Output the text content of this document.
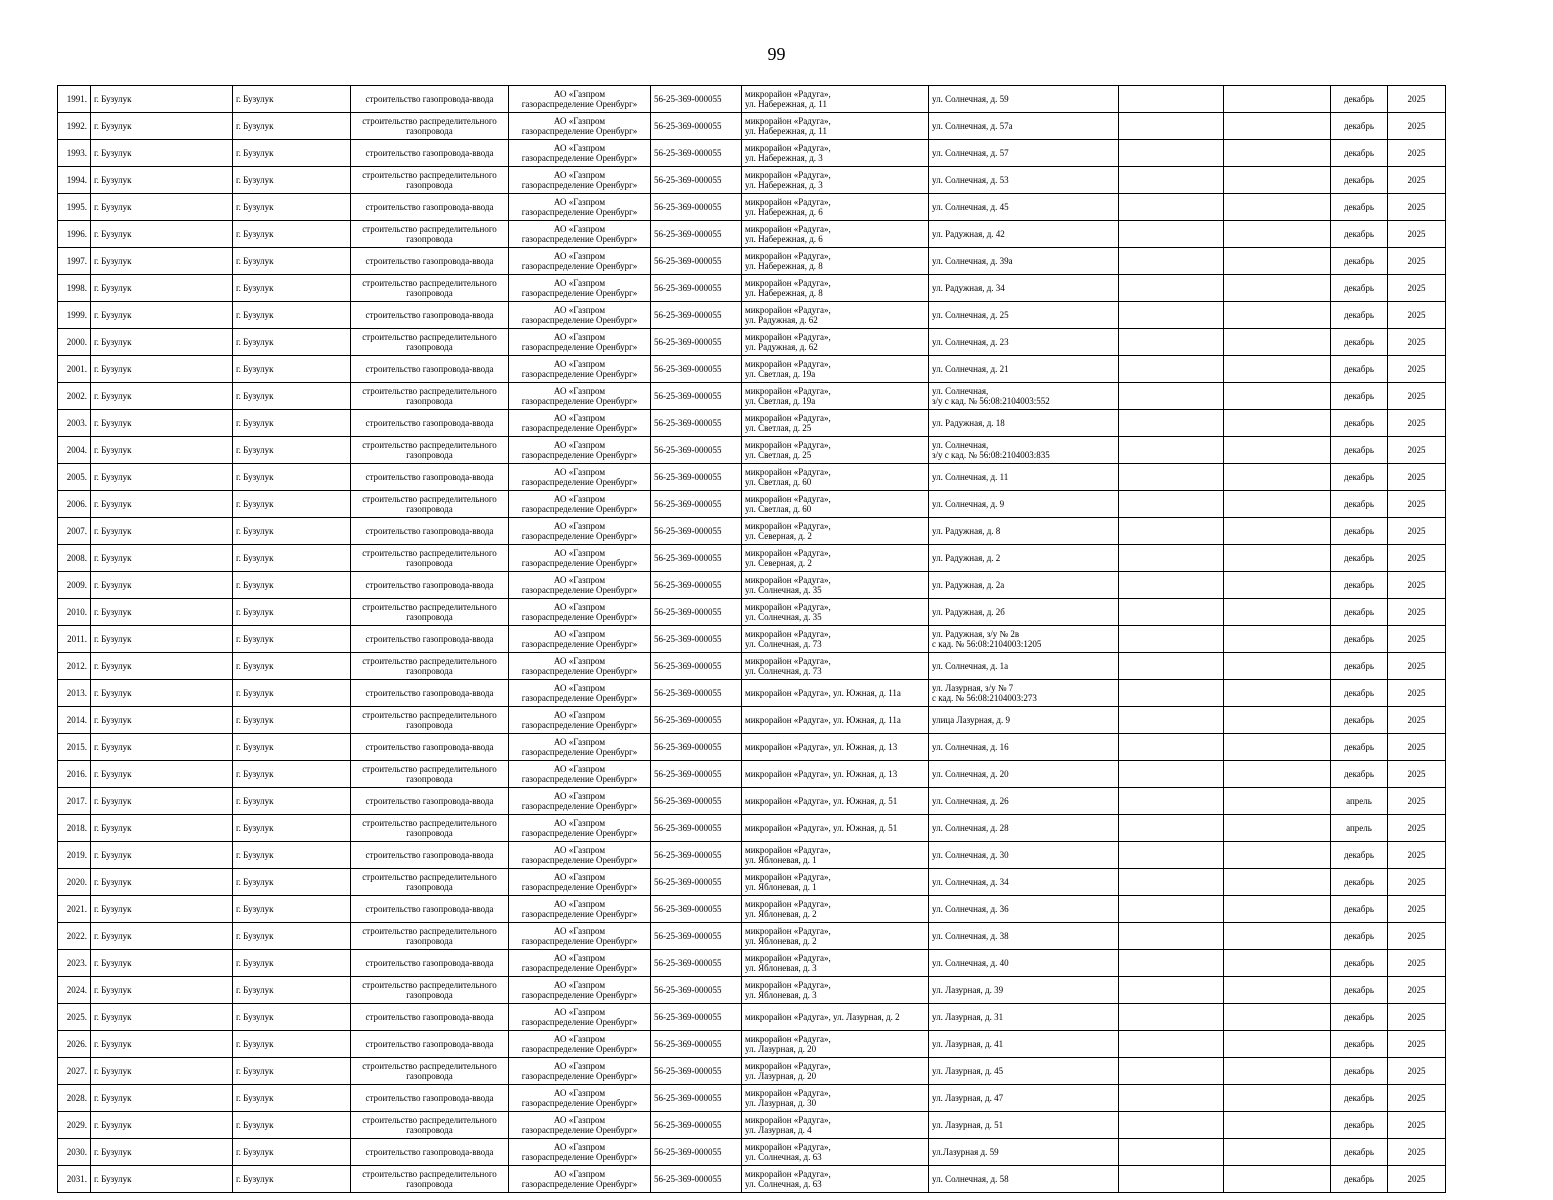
99
1991.	г. Бузулук	г. Бузулук	строительство газопровода-ввода	АО «Газпром
газораспределение Оренбург»	56-25-369-000055	микрорайон «Радуга»,
ул. Набережная, д. 11	ул. Солнечная, д. 59			декабрь	2025
1992.	г. Бузулук	г. Бузулук	строительство распределительного
газопровода	АО «Газпром
газораспределение Оренбург»	56-25-369-000055	микрорайон «Радуга»,
ул. Набережная, д. 11	ул. Солнечная, д. 57а			декабрь	2025
1993.	г. Бузулук	г. Бузулук	строительство газопровода-ввода	АО «Газпром
газораспределение Оренбург»	56-25-369-000055	микрорайон «Радуга»,
ул. Набережная, д. 3	ул. Солнечная, д. 57			декабрь	2025
1994.	г. Бузулук	г. Бузулук	строительство распределительного
газопровода	АО «Газпром
газораспределение Оренбург»	56-25-369-000055	микрорайон «Радуга»,
ул. Набережная, д. 3	ул. Солнечная, д. 53			декабрь	2025
1995.	г. Бузулук	г. Бузулук	строительство газопровода-ввода	АО «Газпром
газораспределение Оренбург»	56-25-369-000055	микрорайон «Радуга»,
ул. Набережная, д. 6	ул. Солнечная, д. 45			декабрь	2025
1996.	г. Бузулук	г. Бузулук	строительство распределительного
газопровода	АО «Газпром
газораспределение Оренбург»	56-25-369-000055	микрорайон «Радуга»,
ул. Набережная, д. 6	ул. Радужная, д. 42			декабрь	2025
1997.	г. Бузулук	г. Бузулук	строительство газопровода-ввода	АО «Газпром
газораспределение Оренбург»	56-25-369-000055	микрорайон «Радуга»,
ул. Набережная, д. 8	ул. Солнечная, д. 39а			декабрь	2025
1998.	г. Бузулук	г. Бузулук	строительство распределительного
газопровода	АО «Газпром
газораспределение Оренбург»	56-25-369-000055	микрорайон «Радуга»,
ул. Набережная, д. 8	ул. Радужная, д. 34			декабрь	2025
1999.	г. Бузулук	г. Бузулук	строительство газопровода-ввода	АО «Газпром
газораспределение Оренбург»	56-25-369-000055	микрорайон «Радуга»,
ул. Радужная, д. 62	ул. Солнечная, д. 25			декабрь	2025
2000.	г. Бузулук	г. Бузулук	строительство распределительного
газопровода	АО «Газпром
газораспределение Оренбург»	56-25-369-000055	микрорайон «Радуга»,
ул. Радужная, д. 62	ул. Солнечная, д. 23			декабрь	2025
2001.	г. Бузулук	г. Бузулук	строительство газопровода-ввода	АО «Газпром
газораспределение Оренбург»	56-25-369-000055	микрорайон «Радуга»,
ул. Светлая, д. 19а	ул. Солнечная, д. 21			декабрь	2025
2002.	г. Бузулук	г. Бузулук	строительство распределительного
газопровода	АО «Газпром
газораспределение Оренбург»	56-25-369-000055	микрорайон «Радуга»,
ул. Светлая, д. 19а	ул. Солнечная,
з/у с кад. № 56:08:2104003:552			декабрь	2025
2003.	г. Бузулук	г. Бузулук	строительство газопровода-ввода	АО «Газпром
газораспределение Оренбург»	56-25-369-000055	микрорайон «Радуга»,
ул. Светлая, д. 25	ул. Радужная, д. 18			декабрь	2025
2004.	г. Бузулук	г. Бузулук	строительство распределительного
газопровода	АО «Газпром
газораспределение Оренбург»	56-25-369-000055	микрорайон «Радуга»,
ул. Светлая, д. 25	ул. Солнечная,
з/у с кад. № 56:08:2104003:835			декабрь	2025
2005.	г. Бузулук	г. Бузулук	строительство газопровода-ввода	АО «Газпром
газораспределение Оренбург»	56-25-369-000055	микрорайон «Радуга»,
ул. Светлая, д. 60	ул. Солнечная, д. 11			декабрь	2025
2006.	г. Бузулук	г. Бузулук	строительство распределительного
газопровода	АО «Газпром
газораспределение Оренбург»	56-25-369-000055	микрорайон «Радуга»,
ул. Светлая, д. 60	ул. Солнечная, д. 9			декабрь	2025
2007.	г. Бузулук	г. Бузулук	строительство газопровода-ввода	АО «Газпром
газораспределение Оренбург»	56-25-369-000055	микрорайон «Радуга»,
ул. Северная, д. 2	ул. Радужная, д. 8			декабрь	2025
2008.	г. Бузулук	г. Бузулук	строительство распределительного
газопровода	АО «Газпром
газораспределение Оренбург»	56-25-369-000055	микрорайон «Радуга»,
ул. Северная, д. 2	ул. Радужная, д. 2			декабрь	2025
2009.	г. Бузулук	г. Бузулук	строительство газопровода-ввода	АО «Газпром
газораспределение Оренбург»	56-25-369-000055	микрорайон «Радуга»,
ул. Солнечная, д. 35	ул. Радужная, д. 2а			декабрь	2025
2010.	г. Бузулук	г. Бузулук	строительство распределительного
газопровода	АО «Газпром
газораспределение Оренбург»	56-25-369-000055	микрорайон «Радуга»,
ул. Солнечная, д. 35	ул. Радужная, д. 2б			декабрь	2025
2011.	г. Бузулук	г. Бузулук	строительство газопровода-ввода	АО «Газпром
газораспределение Оренбург»	56-25-369-000055	микрорайон «Радуга»,
ул. Солнечная, д. 73	ул. Радужная, з/у № 2в
с кад. № 56:08:2104003:1205			декабрь	2025
2012.	г. Бузулук	г. Бузулук	строительство распределительного
газопровода	АО «Газпром
газораспределение Оренбург»	56-25-369-000055	микрорайон «Радуга»,
ул. Солнечная, д. 73	ул. Солнечная, д. 1а			декабрь	2025
2013.	г. Бузулук	г. Бузулук	строительство газопровода-ввода	АО «Газпром
газораспределение Оренбург»	56-25-369-000055	микрорайон «Радуга», ул. Южная, д. 11а	ул. Лазурная, з/у № 7
с кад. № 56:08:2104003:273			декабрь	2025
2014.	г. Бузулук	г. Бузулук	строительство распределительного
газопровода	АО «Газпром
газораспределение Оренбург»	56-25-369-000055	микрорайон «Радуга», ул. Южная, д. 11а	улица Лазурная, д. 9			декабрь	2025
2015.	г. Бузулук	г. Бузулук	строительство газопровода-ввода	АО «Газпром
газораспределение Оренбург»	56-25-369-000055	микрорайон «Радуга», ул. Южная, д. 13	ул. Солнечная, д. 16			декабрь	2025
2016.	г. Бузулук	г. Бузулук	строительство распределительного
газопровода	АО «Газпром
газораспределение Оренбург»	56-25-369-000055	микрорайон «Радуга», ул. Южная, д. 13	ул. Солнечная, д. 20			декабрь	2025
2017.	г. Бузулук	г. Бузулук	строительство газопровода-ввода	АО «Газпром
газораспределение Оренбург»	56-25-369-000055	микрорайон «Радуга», ул. Южная, д. 51	ул. Солнечная, д. 26			апрель	2025
2018.	г. Бузулук	г. Бузулук	строительство распределительного
газопровода	АО «Газпром
газораспределение Оренбург»	56-25-369-000055	микрорайон «Радуга», ул. Южная, д. 51	ул. Солнечная, д. 28			апрель	2025
2019.	г. Бузулук	г. Бузулук	строительство газопровода-ввода	АО «Газпром
газораспределение Оренбург»	56-25-369-000055	микрорайон «Радуга»,
ул. Яблоневая, д. 1	ул. Солнечная, д. 30			декабрь	2025
2020.	г. Бузулук	г. Бузулук	строительство распределительного
газопровода	АО «Газпром
газораспределение Оренбург»	56-25-369-000055	микрорайон «Радуга»,
ул. Яблоневая, д. 1	ул. Солнечная, д. 34			декабрь	2025
2021.	г. Бузулук	г. Бузулук	строительство газопровода-ввода	АО «Газпром
газораспределение Оренбург»	56-25-369-000055	микрорайон «Радуга»,
ул. Яблоневая, д. 2	ул. Солнечная, д. 36			декабрь	2025
2022.	г. Бузулук	г. Бузулук	строительство распределительного
газопровода	АО «Газпром
газораспределение Оренбург»	56-25-369-000055	микрорайон «Радуга»,
ул. Яблоневая, д. 2	ул. Солнечная, д. 38			декабрь	2025
2023.	г. Бузулук	г. Бузулук	строительство газопровода-ввода	АО «Газпром
газораспределение Оренбург»	56-25-369-000055	микрорайон «Радуга»,
ул. Яблоневая, д. 3	ул. Солнечная, д. 40			декабрь	2025
2024.	г. Бузулук	г. Бузулук	строительство распределительного
газопровода	АО «Газпром
газораспределение Оренбург»	56-25-369-000055	микрорайон «Радуга»,
ул. Яблоневая, д. 3	ул. Лазурная, д. 39			декабрь	2025
2025.	г. Бузулук	г. Бузулук	строительство газопровода-ввода	АО «Газпром
газораспределение Оренбург»	56-25-369-000055	микрорайон «Радуга», ул. Лазурная, д. 2	ул. Лазурная, д. 31			декабрь	2025
2026.	г. Бузулук	г. Бузулук	строительство газопровода-ввода	АО «Газпром
газораспределение Оренбург»	56-25-369-000055	микрорайон «Радуга»,
ул. Лазурная, д. 20	ул. Лазурная, д. 41			декабрь	2025
2027.	г. Бузулук	г. Бузулук	строительство распределительного
газопровода	АО «Газпром
газораспределение Оренбург»	56-25-369-000055	микрорайон «Радуга»,
ул. Лазурная, д. 20	ул. Лазурная, д. 45			декабрь	2025
2028.	г. Бузулук	г. Бузулук	строительство газопровода-ввода	АО «Газпром
газораспределение Оренбург»	56-25-369-000055	микрорайон «Радуга»,
ул. Лазурная, д. 30	ул. Лазурная, д. 47			декабрь	2025
2029.	г. Бузулук	г. Бузулук	строительство распределительного
газопровода	АО «Газпром
газораспределение Оренбург»	56-25-369-000055	микрорайон «Радуга»,
ул. Лазурная, д. 4	ул. Лазурная, д. 51			декабрь	2025
2030.	г. Бузулук	г. Бузулук	строительство газопровода-ввода	АО «Газпром
газораспределение Оренбург»	56-25-369-000055	микрорайон «Радуга»,
ул. Солнечная, д. 63	ул.Лазурная д. 59			декабрь	2025
2031.	г. Бузулук	г. Бузулук	строительство распределительного
газопровода	АО «Газпром
газораспределение Оренбург»	56-25-369-000055	микрорайон «Радуга»,
ул. Солнечная, д. 63	ул. Солнечная, д. 58			декабрь	2025
